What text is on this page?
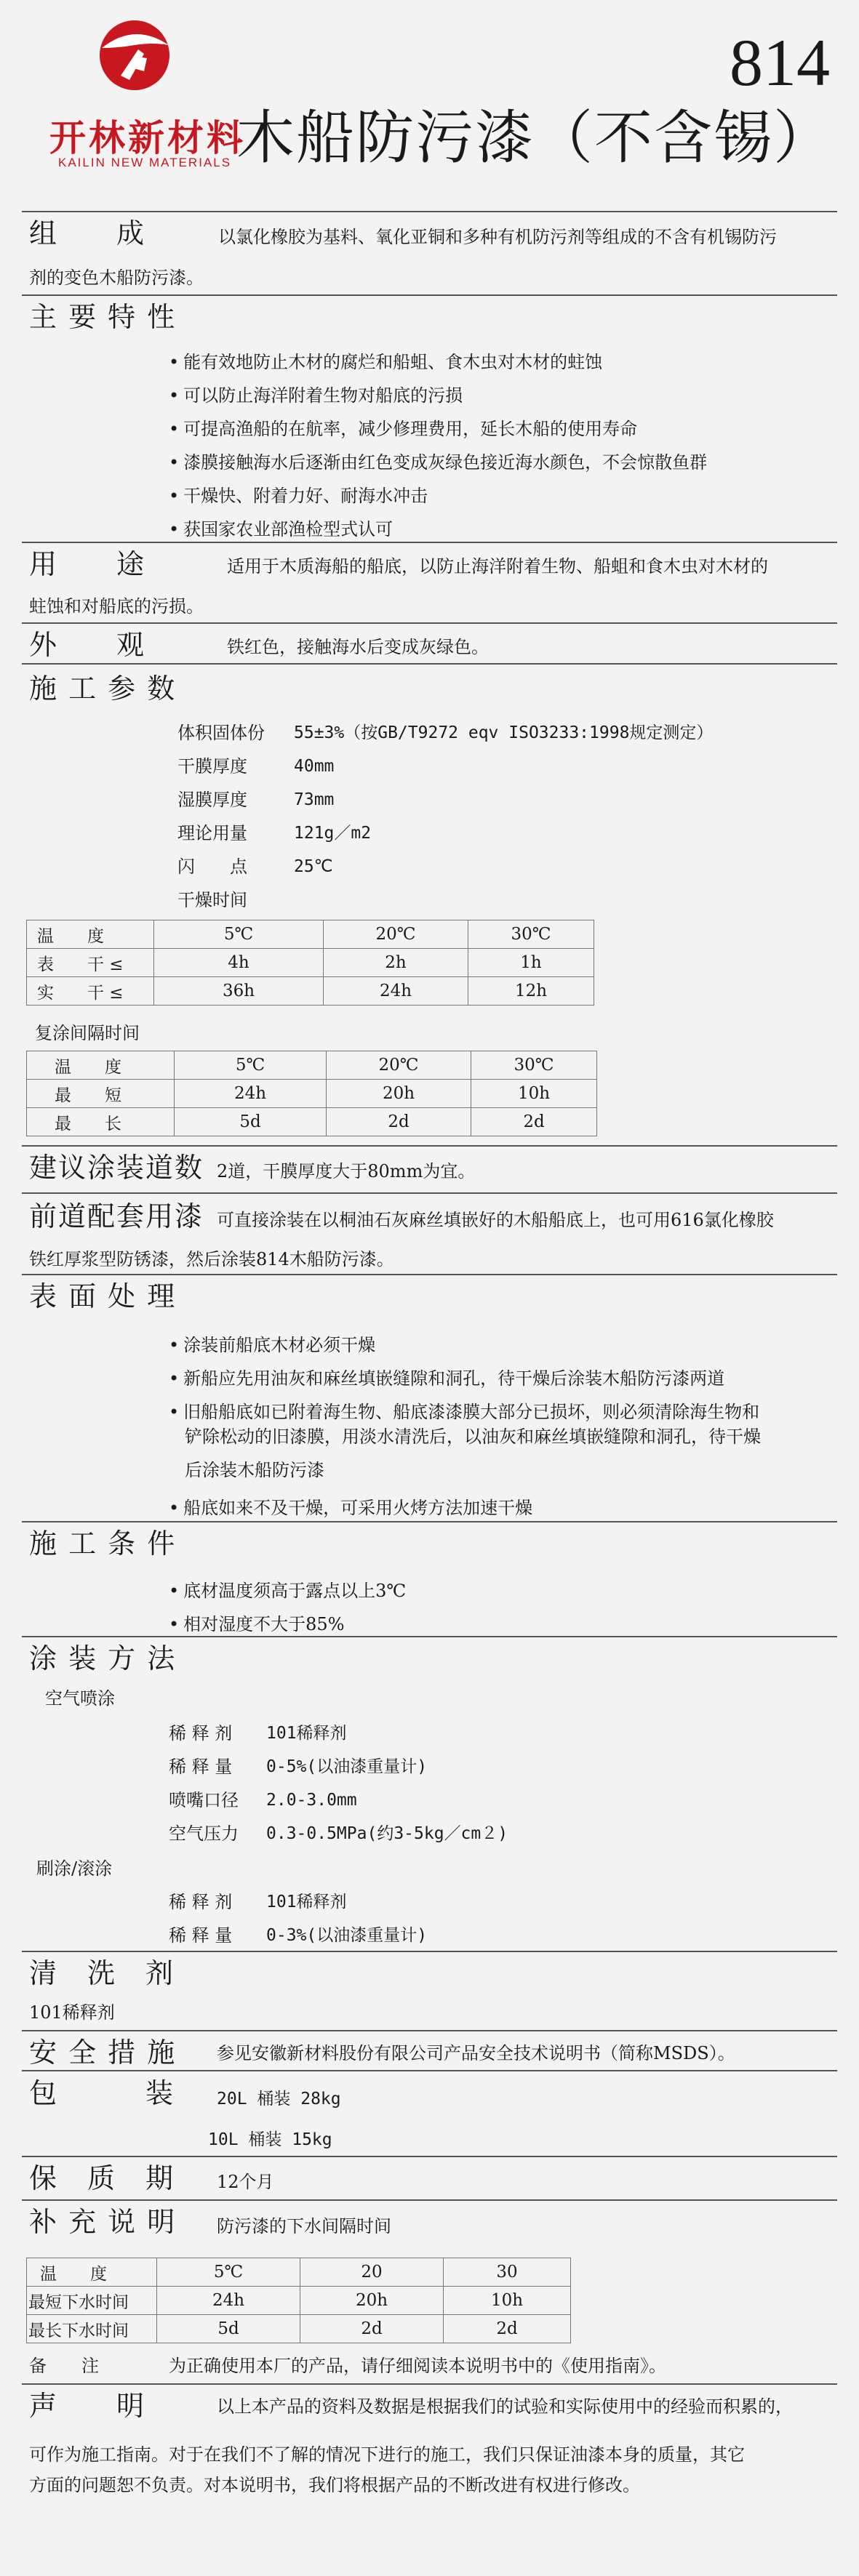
开林新材料
KAILIN NEW MATERIALS
814
木船防污漆（不含锡）
组　　成	以氯化橡胶为基料、氧化亚铜和多种有机防污剂等组成的不含有机锡防污
剂的变色木船防污漆。
主 要 特 性
• 能有效地防止木材的腐烂和船蛆、食木虫对木材的蛀蚀
• 可以防止海洋附着生物对船底的污损
• 可提高渔船的在航率，减少修理费用，延长木船的使用寿命
• 漆膜接触海水后逐渐由红色变成灰绿色接近海水颜色，不会惊散鱼群
• 干燥快、附着力好、耐海水冲击
• 获国家农业部渔检型式认可
用　　途	适用于木质海船的船底，以防止海洋附着生物、船蛆和食木虫对木材的
蛀蚀和对船底的污损。
外　　观	铁红色，接触海水后变成灰绿色。
施 工 参 数
体积固体份 55±3%（按GB/T9272 eqv ISO3233:1998规定测定）
干膜厚度	40mm
湿膜厚度	73mm
理论用量	121g／m2
闪　　点	25℃
干燥时间
温　　度	5℃	20℃	30℃
表　　干 ≤	4h	2h	1h
实　　干 ≤	36h	24h	12h
复涂间隔时间
温　　度	5℃	20℃	30℃
最　　短	24h	20h	10h
最　　长	5d	2d	2d
建议涂装道数 2道，干膜厚度大于80mm为宜。
前道配套用漆 可直接涂装在以桐油石灰麻丝填嵌好的木船船底上，也可用616氯化橡胶
铁红厚浆型防锈漆，然后涂装814木船防污漆。
表 面 处 理
• 涂装前船底木材必须干燥
• 新船应先用油灰和麻丝填嵌缝隙和洞孔，待干燥后涂装木船防污漆两道
• 旧船船底如已附着海生物、船底漆漆膜大部分已损坏，则必须清除海生物和
铲除松动的旧漆膜，用淡水清洗后，以油灰和麻丝填嵌缝隙和洞孔，待干燥
后涂装木船防污漆
• 船底如来不及干燥，可采用火烤方法加速干燥
施 工 条 件
• 底材温度须高于露点以上3℃
• 相对湿度不大于85%
涂 装 方 法
空气喷涂
稀 释 剂 101稀释剂
稀 释 量 0-5%(以油漆重量计)
喷嘴口径 2.0-3.0mm
空气压力 0.3-0.5MPa(约3-5kg／cm２)
刷涂/滚涂
稀 释 剂 101稀释剂
稀 释 量 0-3%(以油漆重量计)
清　洗　剂
101稀释剂
安 全 措 施 参见安徽新材料股份有限公司产品安全技术说明书（简称MSDS）。
包　　　装	20L 桶装 28kg
10L 桶装 15kg
保　质　期 12个月
补 充 说 明 防污漆的下水间隔时间
温　　度	5℃	20	30
最短下水时间	24h	20h	10h
最长下水时间	5d	2d	2d
备　　注	为正确使用本厂的产品，请仔细阅读本说明书中的《使用指南》。
声　　明	以上本产品的资料及数据是根据我们的试验和实际使用中的经验而积累的，
可作为施工指南。对于在我们不了解的情况下进行的施工，我们只保证油漆本身的质量，其它
方面的问题恕不负责。对本说明书，我们将根据产品的不断改进有权进行修改。
